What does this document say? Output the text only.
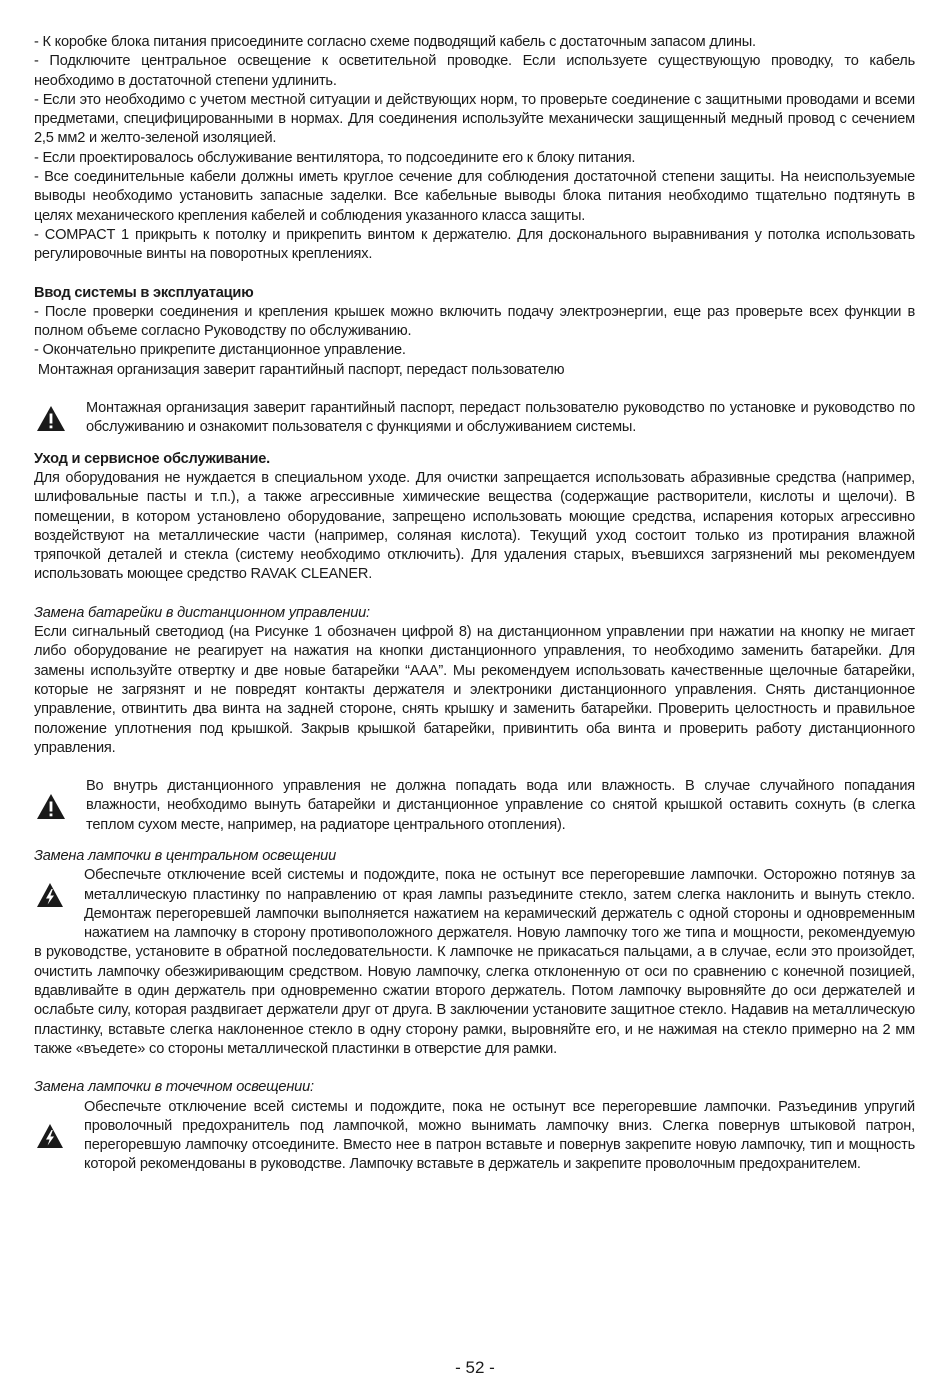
- К коробке блока питания присоедините согласно схеме подводящий кабель с достаточным запасом длины.

- Подключите центральное освещение к осветительной проводке. Если используете существующую проводку, то кабель необходимо в достаточной степени удлинить.

- Если это необходимо с учетом местной ситуации и действующих норм, то проверьте соединение с защитными проводами и всеми предметами, специфицированными в нормах. Для соединения используйте механически защищенный медный провод с сечением 2,5 мм2 и желто-зеленой изоляцией.

- Если проектировалось обслуживание вентилятора, то подсоедините его к блоку питания.

- Все соединительные кабели должны иметь круглое сечение для соблюдения достаточной степени защиты. На неиспользуемые выводы необходимо установить запасные заделки. Все кабельные выводы блока питания необходимо тщательно подтянуть в целях механического крепления кабелей и соблюдения указанного класса защиты.

- COMPACT 1 прикрыть к потолку и прикрепить винтом к держателю. Для досконального выравнивания у потолка использовать регулировочные винты на поворотных креплениях.

Ввод системы в эксплуатацию

- После проверки соединения и крепления крышек можно включить подачу электроэнергии, еще раз проверьте всех функции в полном объеме согласно Руководству по обслуживанию.

- Окончательно прикрепите дистанционное управление.

Монтажная организация заверит гарантийный паспорт, передаст пользователю

Монтажная организация заверит гарантийный паспорт, передаст пользователю руководство по установке и руководство по обслуживанию и ознакомит пользователя с функциями и обслуживанием системы.

Уход и сервисное обслуживание.

Для оборудования не нуждается в специальном уходе. Для очистки запрещается использовать абразивные средства (например, шлифовальные пасты и т.п.), а также агрессивные химические вещества (содержащие растворители, кислоты и щелочи). В помещении, в котором установлено оборудование, запрещено использовать моющие средства, испарения которых агрессивно воздействуют на металлические части (например, соляная кислота). Текущий уход состоит только из протирания влажной тряпочкой деталей и стекла (систему необходимо отключить). Для удаления старых, въевшихся загрязнений мы рекомендуем использовать моющее средство RAVAK CLEANER.

Замена батарейки в дистанционном управлении:

Если сигнальный светодиод (на Рисунке 1 обозначен цифрой 8) на дистанционном управлении при нажатии на кнопку не мигает либо оборудование не реагирует на нажатия на кнопки дистанционного управления, то необходимо заменить батарейки. Для замены используйте отвертку и две новые батарейки “AAA”. Мы рекомендуем использовать качественные щелочные батарейки, которые не загрязнят и не повредят контакты держателя и электроники дистанционного управления. Снять дистанционное управление, отвинтить два винта на задней стороне, снять крышку и заменить батарейки. Проверить целостность и правильное положение уплотнения под крышкой. Закрыв крышкой батарейки, привинтить оба винта и проверить работу дистанционного управления.

Во внутрь дистанционного управления не должна попадать вода или влажность. В случае случайного попадания влажности, необходимо вынуть батарейки и дистанционное управление со снятой крышкой оставить сохнуть (в слегка теплом сухом месте, например, на радиаторе центрального отопления).

Замена лампочки в центральном освещении

Обеспечьте отключение всей системы и подождите, пока не остынут все перегоревшие лампочки. Осторожно потянув за металлическую пластинку по направлению от края лампы разъедините стекло, затем слегка наклонить и вынуть стекло. Демонтаж перегоревшей лампочки выполняется нажатием на керамический держатель с одной стороны и одновременным нажатием на лампочку в сторону противоположного держателя. Новую лампочку того же типа и мощности, рекомендуемую в руководстве, установите в обратной последовательности. К лампочке не прикасаться пальцами, а в случае, если это произойдет, очистить лампочку обезжиривающим средством. Новую лампочку, слегка отклоненную от оси по сравнению с конечной позицией, вдавливайте в один держатель при одновременно сжатии второго держатель. Потом лампочку выровняйте до оси держателей и ослабьте силу, которая раздвигает держатели друг от друга. В заключении установите защитное стекло. Надавив на металлическую пластинку, вставьте слегка наклоненное стекло в одну сторону рамки, выровняйте его, и не нажимая на стекло примерно на 2 мм также «въедете» со стороны металлической пластинки в отверстие для рамки.

Замена лампочки в точечном освещении:

Обеспечьте отключение всей системы и подождите, пока не остынут все перегоревшие лампочки. Разъединив упругий проволочный предохранитель под лампочкой, можно вынимать лампочку вниз. Слегка повернув штыковой патрон, перегоревшую лампочку отсоедините. Вместо нее в патрон вставьте и повернув закрепите новую лампочку, тип и мощность которой рекомендованы в руководстве. Лампочку вставьте в держатель и закрепите проволочным предохранителем.

- 52 -
